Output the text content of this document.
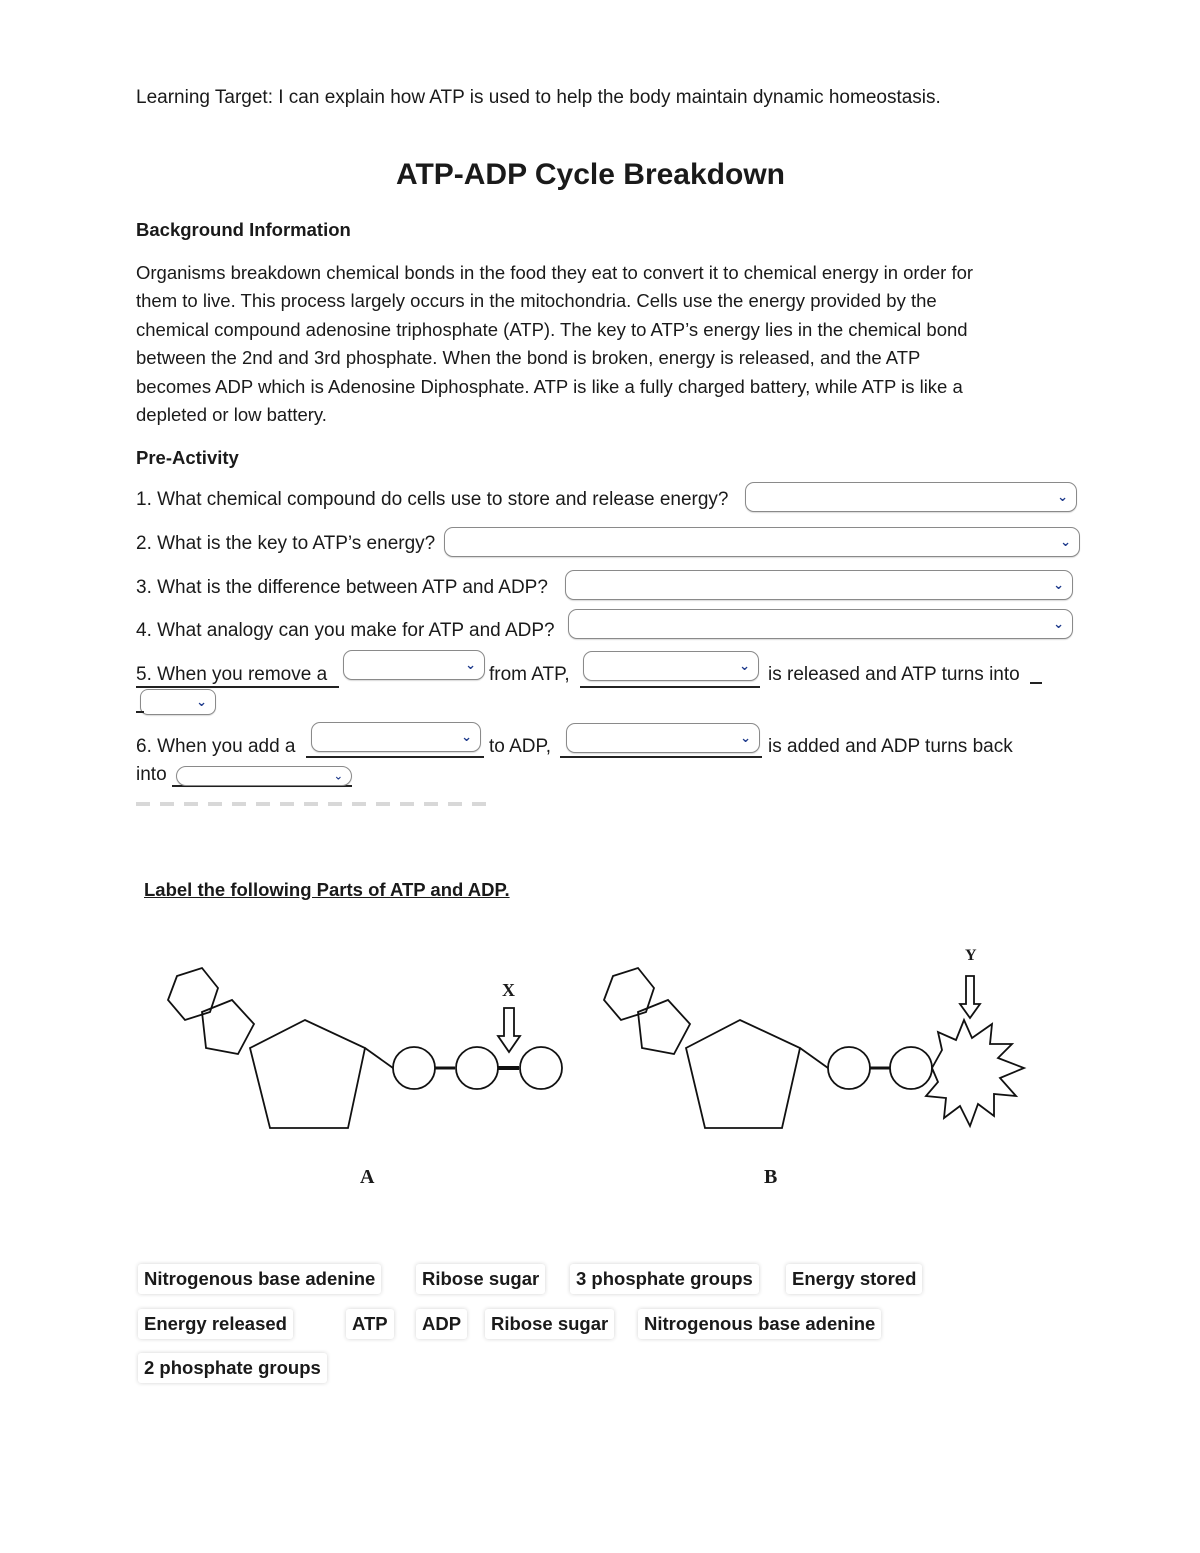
Learning Target: I can explain how ATP is used to help the body maintain dynamic homeostasis.
ATP-ADP Cycle Breakdown
Background Information
Organisms breakdown chemical bonds in the food they eat to convert it to chemical energy in order for
them to live. This process largely occurs in the mitochondria. Cells use the energy provided by the
chemical compound adenosine triphosphate (ATP). The key to ATP’s energy lies in the chemical bond
between the 2nd and 3rd phosphate. When the bond is broken, energy is released, and the ATP
becomes ADP which is Adenosine Diphosphate. ATP is like a fully charged battery, while ATP is like a
depleted or low battery.
Pre-Activity
1. What chemical compound do cells use to store and release energy?	⌄
2. What is the key to ATP’s energy?	⌄
3. What is the difference between ATP and ADP?	⌄
4. What analogy can you make for ATP and ADP?	⌄
5. When you remove a	⌄ from ATP,	⌄ is released and ATP turns into
⌄
6. When you add a	⌄ to ADP,	⌄ is added and ADP turns back
into	⌄
Label the following Parts of ATP and ADP.
X
A
Y
B
Nitrogenous base adenine	Ribose sugar	3 phosphate groups	Energy stored
Energy released	ATP	ADP	Ribose sugar	Nitrogenous base adenine
2 phosphate groups
